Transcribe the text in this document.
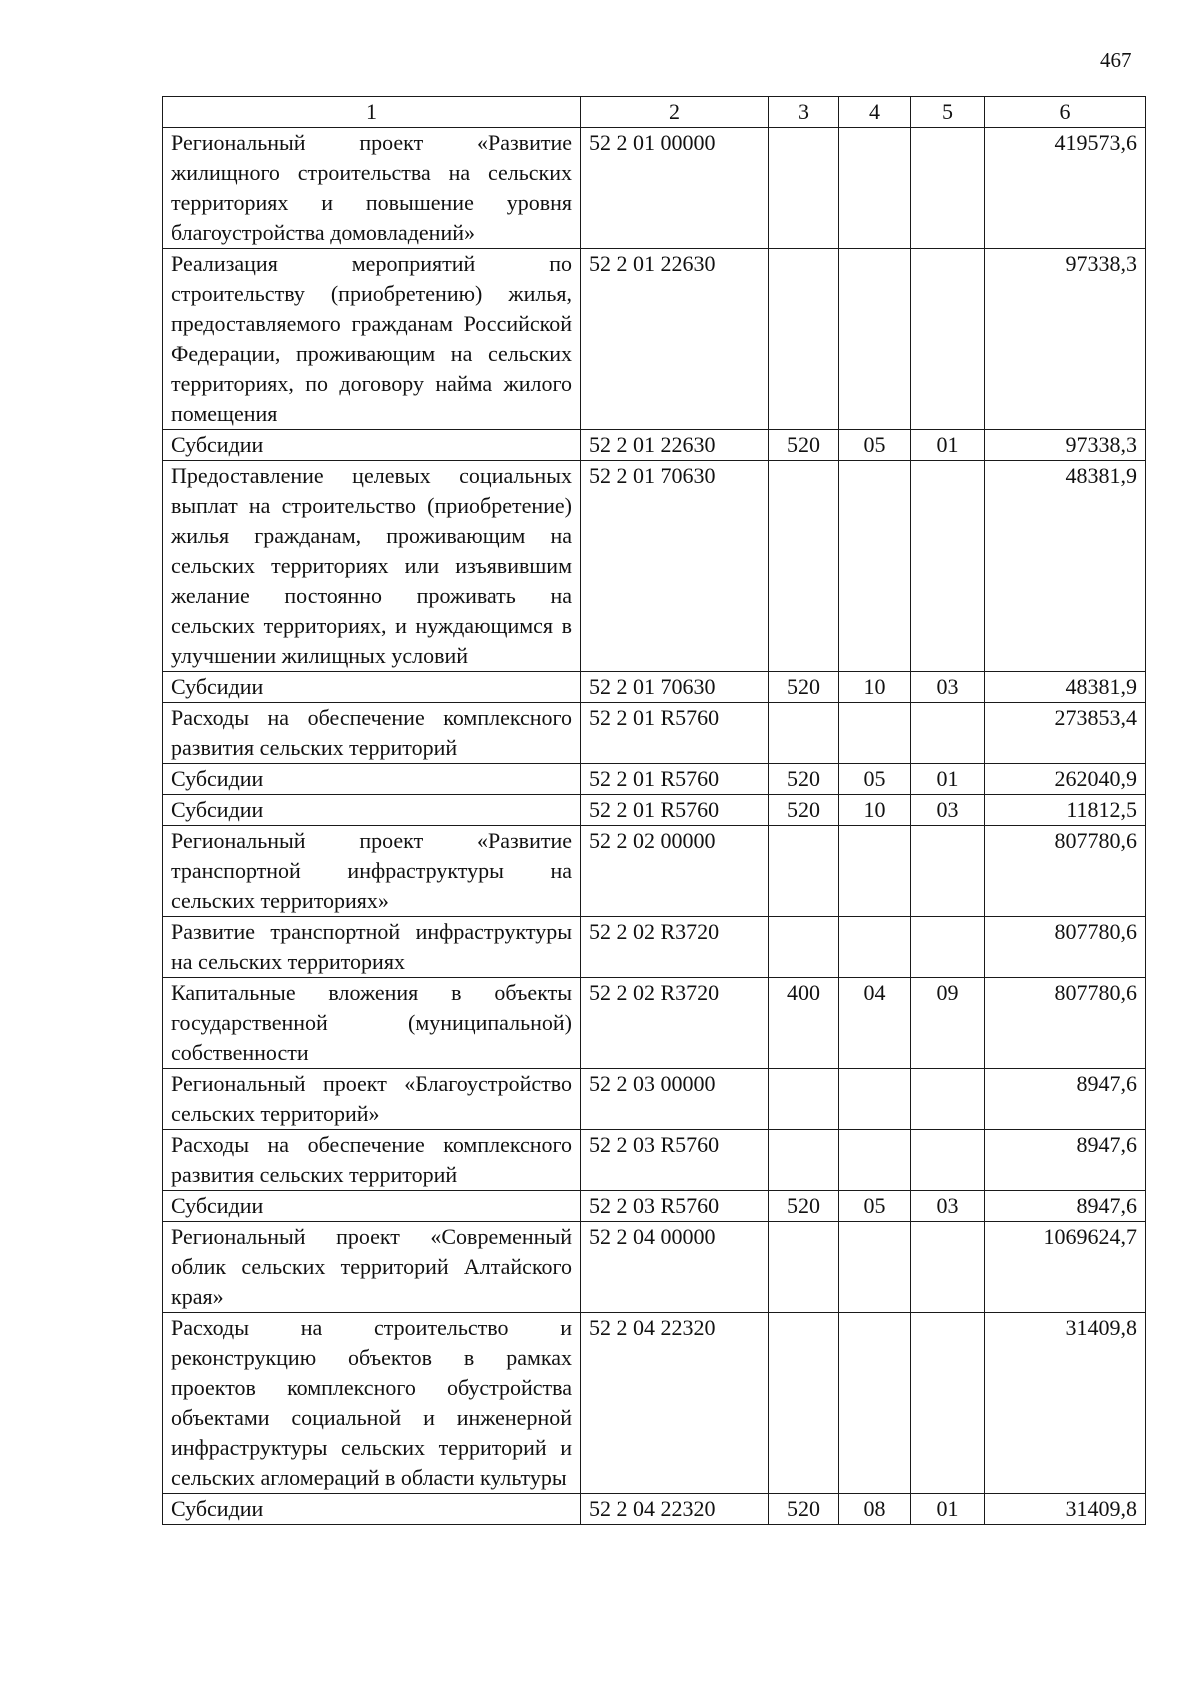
467
1	2	3	4	5	6
Региональный проект «Развитие жилищного строительства на сельских территориях и повышение уровня благоустройства домовладений»	52 2 01 00000				419573,6
Реализация мероприятий по строительству (приобретению) жилья, предоставляемого гражданам Российской Федерации, проживающим на сельских территориях, по договору найма жилого помещения	52 2 01 22630				97338,3
Субсидии	52 2 01 22630	520	05	01	97338,3
Предоставление целевых социальных выплат на строительство (приобретение) жилья гражданам, проживающим на сельских территориях или изъявившим желание постоянно проживать на сельских территориях, и нуждающимся в улучшении жилищных условий	52 2 01 70630				48381,9
Субсидии	52 2 01 70630	520	10	03	48381,9
Расходы на обеспечение комплексного развития сельских территорий	52 2 01 R5760				273853,4
Субсидии	52 2 01 R5760	520	05	01	262040,9
Субсидии	52 2 01 R5760	520	10	03	11812,5
Региональный проект «Развитие транспортной инфраструктуры на сельских территориях»	52 2 02 00000				807780,6
Развитие транспортной инфраструктуры на сельских территориях	52 2 02 R3720				807780,6
Капитальные вложения в объекты государственной (муниципальной) собственности	52 2 02 R3720	400	04	09	807780,6
Региональный проект «Благоустройство сельских территорий»	52 2 03 00000				8947,6
Расходы на обеспечение комплексного развития сельских территорий	52 2 03 R5760				8947,6
Субсидии	52 2 03 R5760	520	05	03	8947,6
Региональный проект «Современный облик сельских территорий Алтайского края»	52 2 04 00000				1069624,7
Расходы на строительство и реконструкцию объектов в рамках проектов комплексного обустройства объектами социальной и инженерной инфраструктуры сельских территорий и сельских агломераций в области культуры	52 2 04 22320				31409,8
Субсидии	52 2 04 22320	520	08	01	31409,8
